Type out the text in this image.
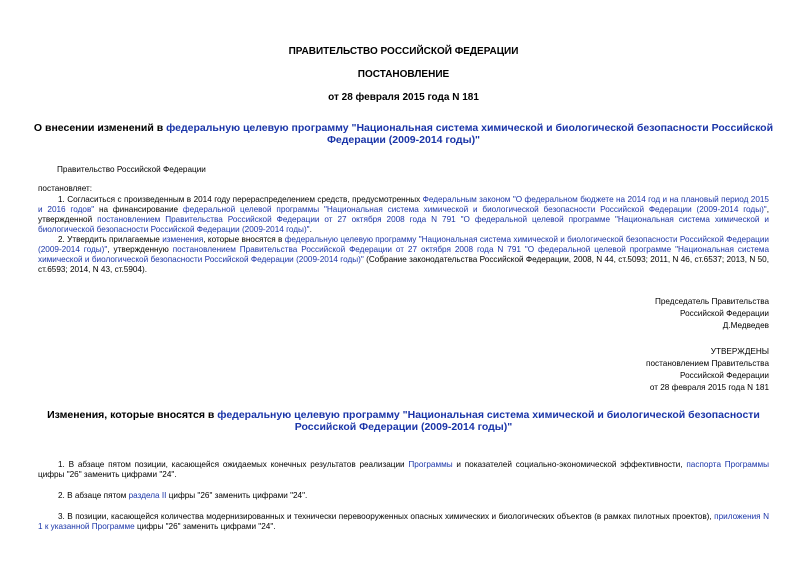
ПРАВИТЕЛЬСТВО РОССИЙСКОЙ ФЕДЕРАЦИИ
ПОСТАНОВЛЕНИЕ
от 28 февраля 2015 года N 181
О внесении изменений в федеральную целевую программу "Национальная система химической и биологической безопасности Российской Федерации (2009-2014 годы)"
Правительство Российской Федерации
постановляет:
1. Согласиться с произведенным в 2014 году перераспределением средств, предусмотренных Федеральным законом "О федеральном бюджете на 2014 год и на плановый период 2015 и 2016 годов" на финансирование федеральной целевой программы "Национальная система химической и биологической безопасности Российской Федерации (2009-2014 годы)", утвержденной постановлением Правительства Российской Федерации от 27 октября 2008 года N 791 "О федеральной целевой программе "Национальная система химической и биологической безопасности Российской Федерации (2009-2014 годы)".
2. Утвердить прилагаемые изменения, которые вносятся в федеральную целевую программу "Национальная система химической и биологической безопасности Российской Федерации (2009-2014 годы)", утвержденную постановлением Правительства Российской Федерации от 27 октября 2008 года N 791 "О федеральной целевой программе "Национальная система химической и биологической безопасности Российской Федерации (2009-2014 годы)" (Собрание законодательства Российской Федерации, 2008, N 44, ст.5093; 2011, N 46, ст.6537; 2013, N 50, ст.6593; 2014, N 43, ст.5904).
Председатель Правительства
Российской Федерации
Д.Медведев
УТВЕРЖДЕНЫ
постановлением Правительства
Российской Федерации
от 28 февраля 2015 года N 181
Изменения, которые вносятся в федеральную целевую программу "Национальная система химической и биологической безопасности Российской Федерации (2009-2014 годы)"
1. В абзаце пятом позиции, касающейся ожидаемых конечных результатов реализации Программы и показателей социально-экономической эффективности, паспорта Программы цифры "26" заменить цифрами "24".
2. В абзаце пятом раздела II цифры "26" заменить цифрами "24".
3. В позиции, касающейся количества модернизированных и технически перевооруженных опасных химических и биологических объектов (в рамках пилотных проектов), приложения N 1 к указанной Программе цифры "26" заменить цифрами "24".
